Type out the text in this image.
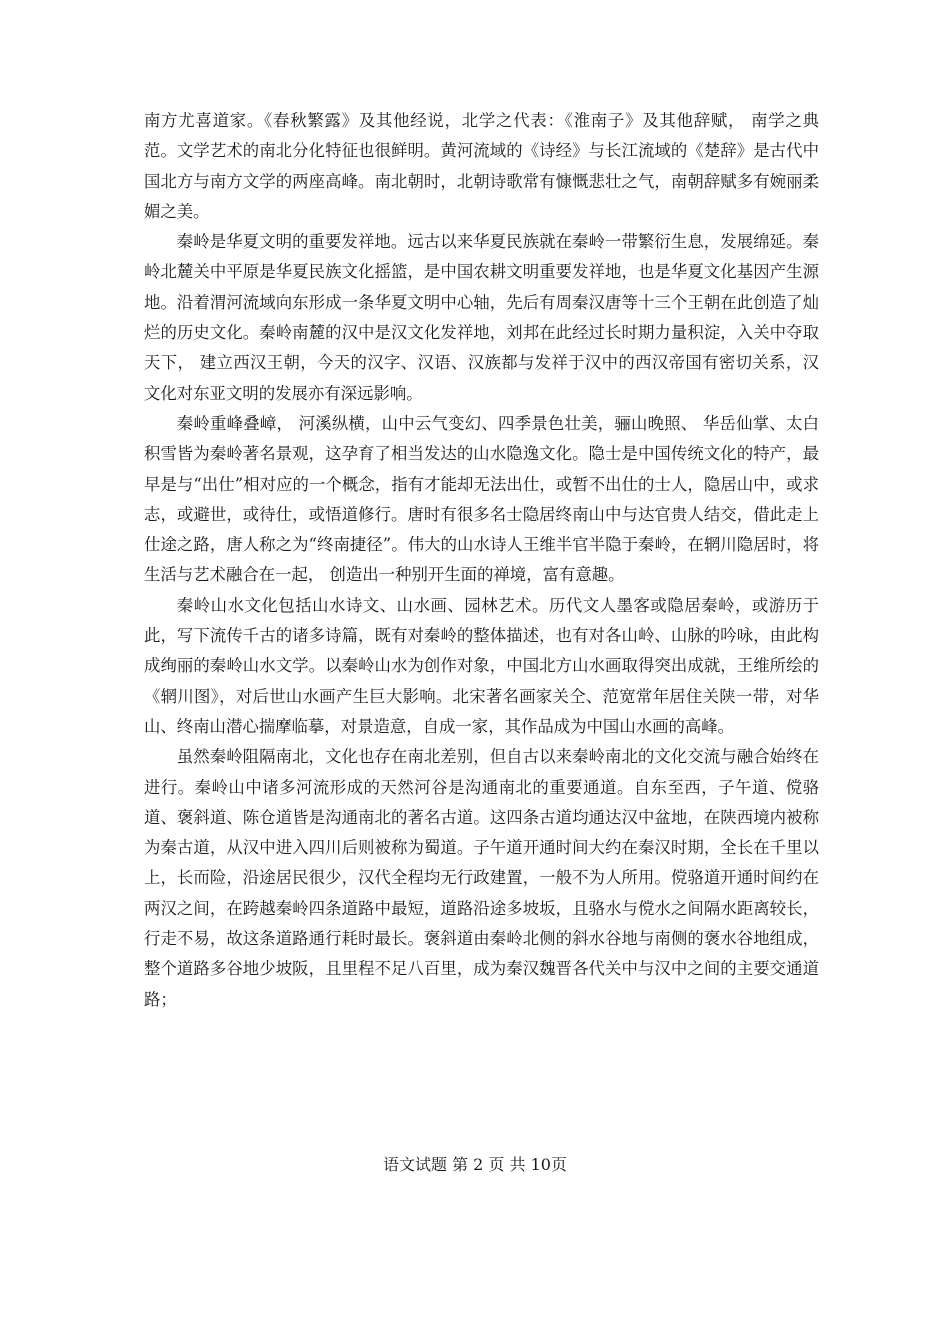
南方尤喜道家。《春秋繁露》及其他经说，北学之代表：《淮南子》及其他辞赋， 南学之典范。文学艺术的南北分化特征也很鲜明。黄河流域的《诗经》与长江流域的《楚辞》是古代中国北方与南方文学的两座高峰。南北朝时，北朝诗歌常有慷慨悲壮之气，南朝辞赋多有婉丽柔媚之美。

秦岭是华夏文明的重要发祥地。远古以来华夏民族就在秦岭一带繁衍生息，发展绵延。秦岭北麓关中平原是华夏民族文化摇篮，是中国农耕文明重要发祥地，也是华夏文化基因产生源地。沿着渭河流域向东形成一条华夏文明中心轴，先后有周秦汉唐等十三个王朝在此创造了灿烂的历史文化。秦岭南麓的汉中是汉文化发祥地，刘邦在此经过长时期力量积淀，入关中夺取天下， 建立西汉王朝，今天的汉字、汉语、汉族都与发祥于汉中的西汉帝国有密切关系，汉文化对东亚文明的发展亦有深远影响。

秦岭重峰叠嶂， 河溪纵横，山中云气变幻、四季景色壮美，骊山晚照、 华岳仙掌、太白积雪皆为秦岭著名景观，这孕育了相当发达的山水隐逸文化。隐士是中国传统文化的特产，最早是与“出仕”相对应的一个概念，指有才能却无法出仕，或暂不出仕的士人，隐居山中，或求志，或避世，或待仕，或悟道修行。唐时有很多名士隐居终南山中与达官贵人结交，借此走上仕途之路，唐人称之为“终南捷径”。伟大的山水诗人王维半官半隐于秦岭，在辋川隐居时，将生活与艺术融合在一起， 创造出一种别开生面的禅境，富有意趣。

秦岭山水文化包括山水诗文、山水画、园林艺术。历代文人墨客或隐居秦岭，或游历于此，写下流传千古的诸多诗篇，既有对秦岭的整体描述，也有对各山岭、山脉的吟咏，由此构成绚丽的秦岭山水文学。以秦岭山水为创作对象，中国北方山水画取得突出成就，王维所绘的《辋川图》，对后世山水画产生巨大影响。北宋著名画家关仝、范宽常年居住关陕一带，对华山、终南山潜心揣摩临摹，对景造意，自成一家，其作品成为中国山水画的高峰。

虽然秦岭阻隔南北，文化也存在南北差别，但自古以来秦岭南北的文化交流与融合始终在进行。秦岭山中诸多河流形成的天然河谷是沟通南北的重要通道。自东至西，子午道、傥骆道、褒斜道、陈仓道皆是沟通南北的著名古道。这四条古道均通达汉中盆地，在陕西境内被称为秦古道，从汉中进入四川后则被称为蜀道。子午道开通时间大约在秦汉时期，全长在千里以上，长而险，沿途居民很少，汉代全程均无行政建置，一般不为人所用。傥骆道开通时间约在两汉之间，在跨越秦岭四条道路中最短，道路沿途多坡坂，且骆水与傥水之间隔水距离较长，行走不易，故这条道路通行耗时最长。褒斜道由秦岭北侧的斜水谷地与南侧的褒水谷地组成，整个道路多谷地少坡阪，且里程不足八百里，成为秦汉魏晋各代关中与汉中之间的主要交通道路；

语文试题 第 2 页 共 10页
